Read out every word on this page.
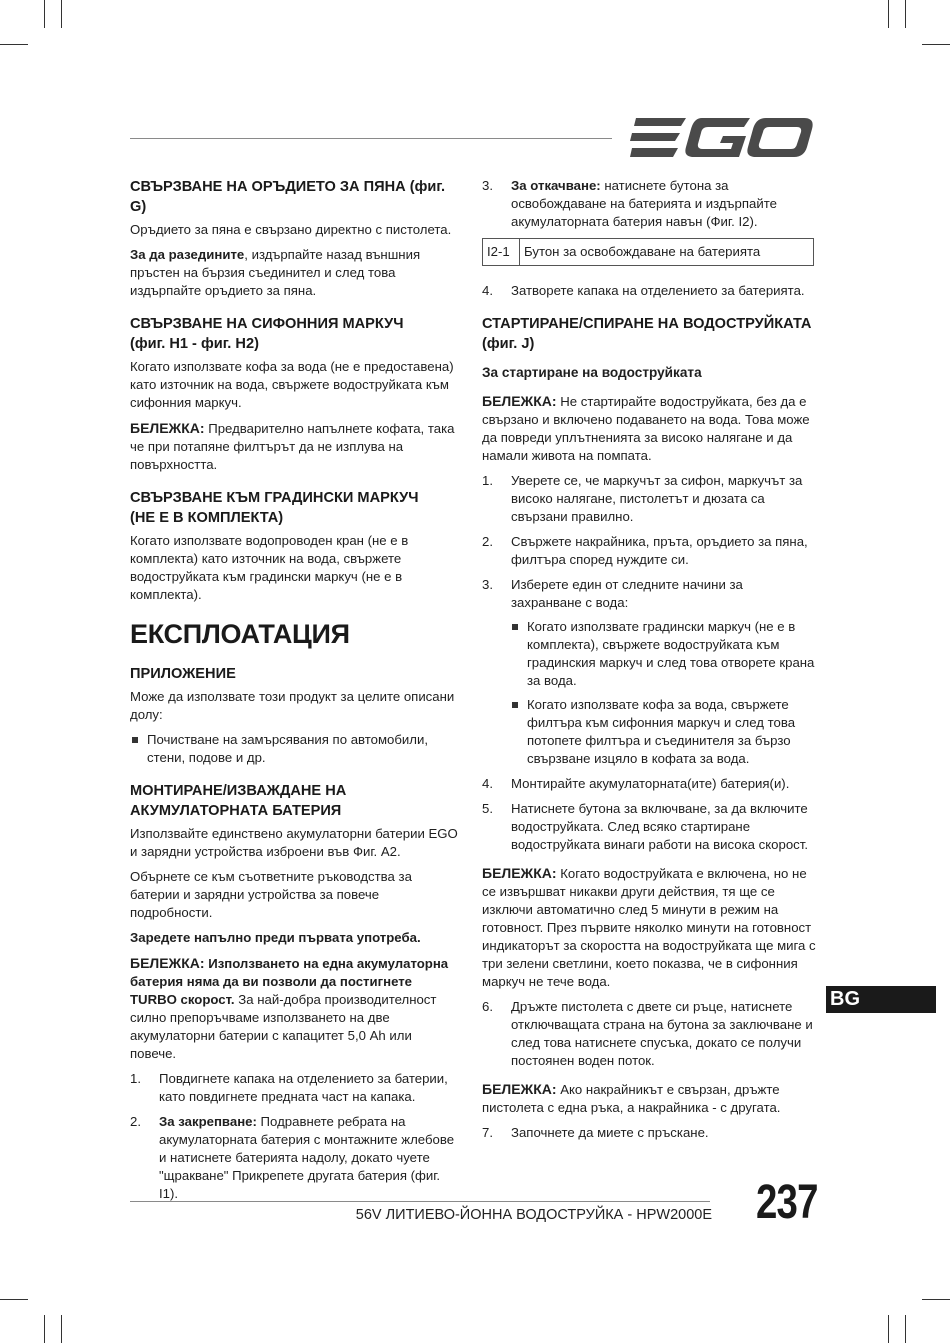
СВЪРЗВАНЕ НА ОРЪДИЕТО ЗА ПЯНА (фиг. G)

Оръдието за пяна е свързано директно с пистолета.

За да разедините, издърпайте назад външния пръстен на бързия съединител и след това издърпайте оръдието за пяна.

СВЪРЗВАНЕ НА СИФОННИЯ МАРКУЧ
(фиг. H1 - фиг. H2)

Когато използвате кофа за вода (не е предоставена) като източник на вода, свържете водоструйката към сифонния маркуч.

БЕЛЕЖКА: Предварително напълнете кофата, така че при потапяне филтърът да не изплува на повърхността.

СВЪРЗВАНЕ КЪМ ГРАДИНСКИ МАРКУЧ
(НЕ Е В КОМПЛЕКТА)

Когато използвате водопроводен кран (не е в комплекта) като източник на вода, свържете водоструйката към градински маркуч (не е в комплекта).

ЕКСПЛОАТАЦИЯ
ПРИЛОЖЕНИЕ

Може да използвате този продукт за целите описани долу:

Почистване на замърсявания по автомобили, стени, подове и др.
МОНТИРАНЕ/ИЗВАЖДАНЕ НА
АКУМУЛАТОРНАТА БАТЕРИЯ

Използвайте единствено акумулаторни батерии EGO и зарядни устройства изброени във Фиг. A2.

Обърнете се към съответните ръководства за батерии и зарядни устройства за повече подробности.

Заредете напълно преди първата употреба.

БЕЛЕЖКА: Използването на една акумулаторна батерия няма да ви позволи да постигнете TURBO скорост. За най-добра производителност силно препоръчваме използването на две акумулаторни батерии с капацитет 5,0 Ah или повече.

1. Повдигнете капака на отделението за батерии, като повдигнете предната част на капака.
2. За закрепване: Подравнете ребрата на акумулаторната батерия с монтажните жлебове и натиснете батерията надолу, докато чуете "щракване" Прикрепете другата батерия (фиг. I1).
3. За откачване: натиснете бутона за освобождаване на батерията и издърпайте акумулаторната батерия навън (Фиг. I2).
I2-1	Бутон за освобождаване на батерията
4. Затворете капака на отделението за батерията.
СТАРТИРАНЕ/СПИРАНЕ НА ВОДОСТРУЙКАТА
(фиг. J)
За стартиране на водоструйката

БЕЛЕЖКА: Не стартирайте водоструйката, без да е свързано и включено подаването на вода. Това може да повреди уплътненията за високо налягане и да намали живота на помпата.

1. Уверете се, че маркучът за сифон, маркучът за високо налягане, пистолетът и дюзата са свързани правилно.
2. Свържете накрайника, пръта, оръдието за пяна, филтъра според нуждите си.
3. Изберете един от следните начини за захранване с вода:
Когато използвате градински маркуч (не е в комплекта), свържете водоструйката към градинския маркуч и след това отворете крана за вода.
Когато използвате кофа за вода, свържете филтъра към сифонния маркуч и след това потопете филтъра и съединителя за бързо свързване изцяло в кофата за вода.
4. Монтирайте акумулаторната(ите) батерия(и).
5. Натиснете бутона за включване, за да включите водоструйката. След всяко стартиране водоструйката винаги работи на висока скорост.

БЕЛЕЖКА: Когато водоструйката е включена, но не се извършват никакви други действия, тя ще се изключи автоматично след 5 минути в режим на готовност. През първите няколко минути на готовност индикаторът за скоростта на водоструйката ще мига с три зелени светлини, което показва, че в сифонния маркуч не тече вода.

6. Дръжте пистолета с двете си ръце, натиснете отключващата страна на бутона за заключване и след това натиснете спусъка, докато се получи постоянен воден поток.

БЕЛЕЖКА: Ако накрайникът е свързан, дръжте пистолета с една ръка, а накрайника - с другата.

7. Започнете да миете с пръскане.
BG
56V ЛИТИЕВО-ЙОННА ВОДОСТРУЙКА - HPW2000E 237
